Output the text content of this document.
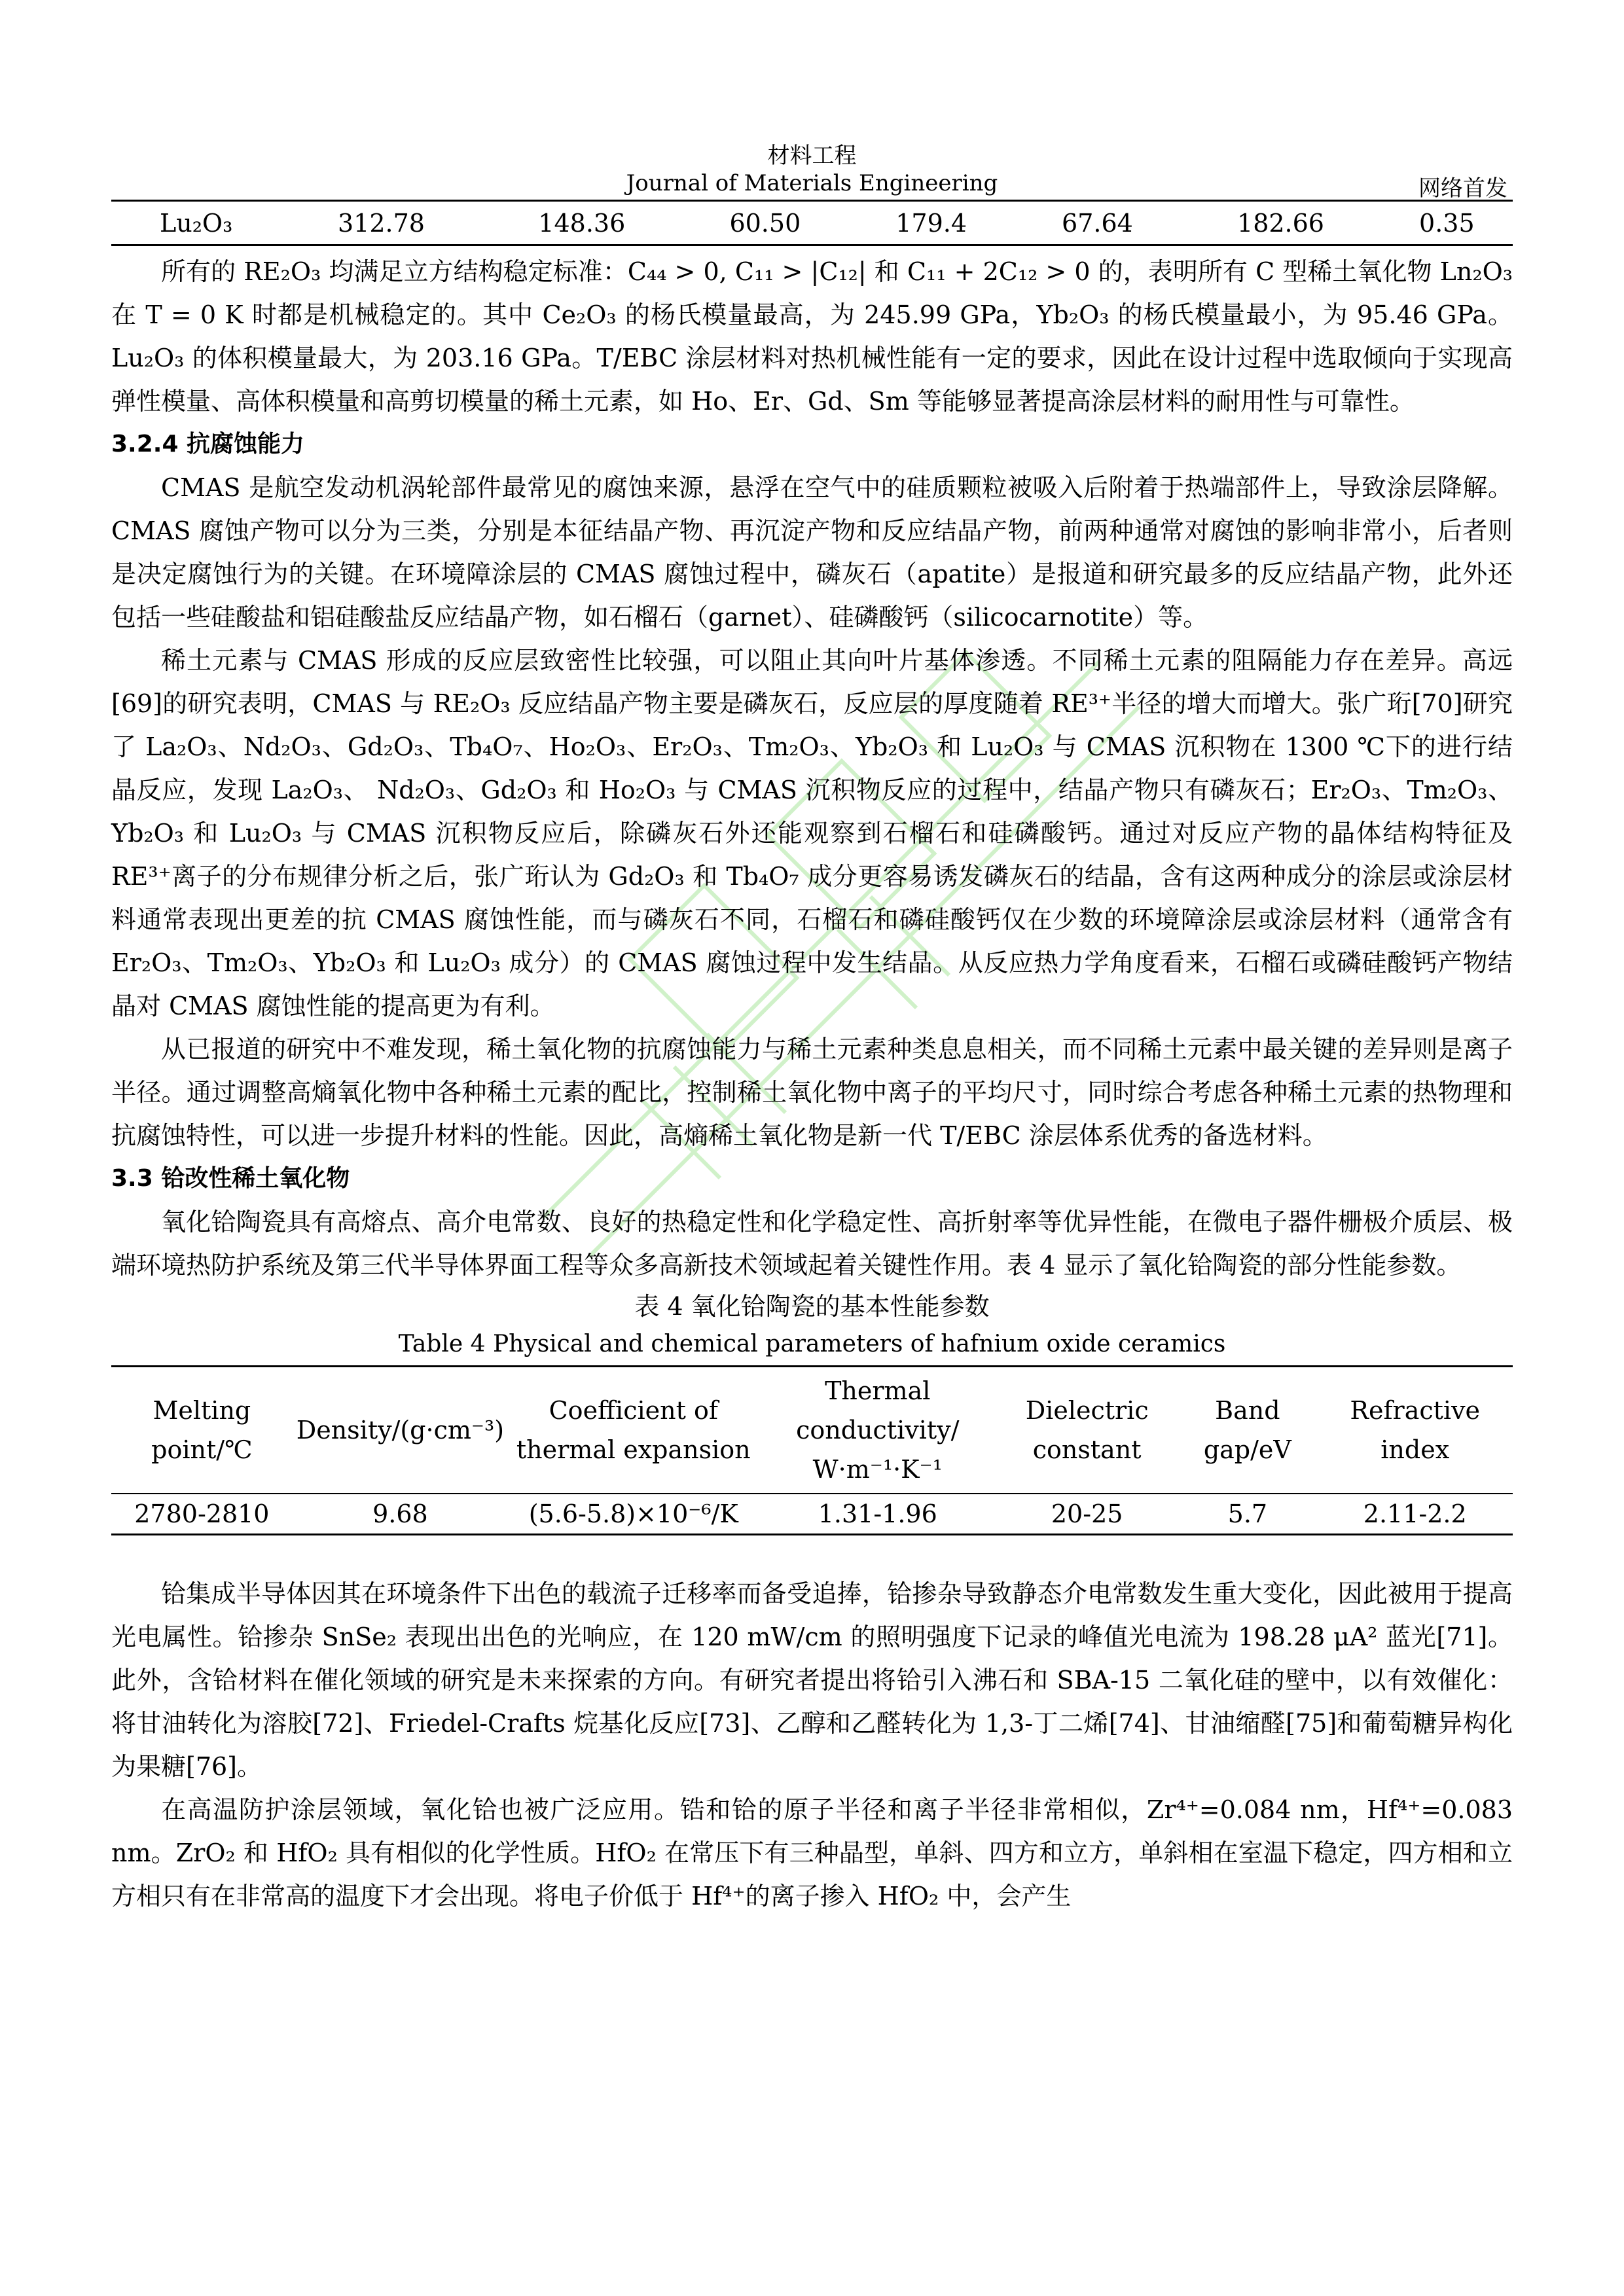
材料工程
Journal of Materials Engineering	网络首发
Lu₂O₃	312.78	148.36	60.50	179.4	67.64	182.66	0.35

所有的 RE₂O₃ 均满足立方结构稳定标准：C₄₄ > 0, C₁₁ > |C₁₂| 和 C₁₁ + 2C₁₂ > 0 的，表明所有 C 型稀土氧化物 Ln₂O₃ 在 T = 0 K 时都是机械稳定的。其中 Ce₂O₃ 的杨氏模量最高，为 245.99 GPa，Yb₂O₃ 的杨氏模量最小，为 95.46 GPa。Lu₂O₃ 的体积模量最大，为 203.16 GPa。T/EBC 涂层材料对热机械性能有一定的要求，因此在设计过程中选取倾向于实现高弹性模量、高体积模量和高剪切模量的稀土元素，如 Ho、Er、Gd、Sm 等能够显著提高涂层材料的耐用性与可靠性。

3.2.4 抗腐蚀能力

CMAS 是航空发动机涡轮部件最常见的腐蚀来源，悬浮在空气中的硅质颗粒被吸入后附着于热端部件上，导致涂层降解。CMAS 腐蚀产物可以分为三类，分别是本征结晶产物、再沉淀产物和反应结晶产物，前两种通常对腐蚀的影响非常小，后者则是决定腐蚀行为的关键。在环境障涂层的 CMAS 腐蚀过程中，磷灰石（apatite）是报道和研究最多的反应结晶产物，此外还包括一些硅酸盐和铝硅酸盐反应结晶产物，如石榴石（garnet）、硅磷酸钙（silicocarnotite）等。

稀土元素与 CMAS 形成的反应层致密性比较强，可以阻止其向叶片基体渗透。不同稀土元素的阻隔能力存在差异。高远[69]的研究表明，CMAS 与 RE₂O₃ 反应结晶产物主要是磷灰石，反应层的厚度随着 RE³⁺半径的增大而增大。张广珩[70]研究了 La₂O₃、Nd₂O₃、Gd₂O₃、Tb₄O₇、Ho₂O₃、Er₂O₃、Tm₂O₃、Yb₂O₃ 和 Lu₂O₃ 与 CMAS 沉积物在 1300 ℃下的进行结晶反应，发现 La₂O₃、 Nd₂O₃、Gd₂O₃ 和 Ho₂O₃ 与 CMAS 沉积物反应的过程中，结晶产物只有磷灰石；Er₂O₃、Tm₂O₃、Yb₂O₃ 和 Lu₂O₃ 与 CMAS 沉积物反应后，除磷灰石外还能观察到石榴石和硅磷酸钙。通过对反应产物的晶体结构特征及 RE³⁺离子的分布规律分析之后，张广珩认为 Gd₂O₃ 和 Tb₄O₇ 成分更容易诱发磷灰石的结晶，含有这两种成分的涂层或涂层材料通常表现出更差的抗 CMAS 腐蚀性能，而与磷灰石不同，石榴石和磷硅酸钙仅在少数的环境障涂层或涂层材料（通常含有 Er₂O₃、Tm₂O₃、Yb₂O₃ 和 Lu₂O₃ 成分）的 CMAS 腐蚀过程中发生结晶。从反应热力学角度看来，石榴石或磷硅酸钙产物结晶对 CMAS 腐蚀性能的提高更为有利。

从已报道的研究中不难发现，稀土氧化物的抗腐蚀能力与稀土元素种类息息相关，而不同稀土元素中最关键的差异则是离子半径。通过调整高熵氧化物中各种稀土元素的配比，控制稀土氧化物中离子的平均尺寸，同时综合考虑各种稀土元素的热物理和抗腐蚀特性，可以进一步提升材料的性能。因此，高熵稀土氧化物是新一代 T/EBC 涂层体系优秀的备选材料。

3.3 铪改性稀土氧化物

氧化铪陶瓷具有高熔点、高介电常数、良好的热稳定性和化学稳定性、高折射率等优异性能，在微电子器件栅极介质层、极端环境热防护系统及第三代半导体界面工程等众多高新技术领域起着关键性作用。表 4 显示了氧化铪陶瓷的部分性能参数。

表 4 氧化铪陶瓷的基本性能参数
Table 4 Physical and chemical parameters of hafnium oxide ceramics
Melting point/℃	Density/(g·cm⁻³)	Coefficient of thermal expansion	Thermal conductivity/ W·m⁻¹·K⁻¹	Dielectric constant	Band gap/eV	Refractive index
2780-2810	9.68	(5.6-5.8)×10⁻⁶/K	1.31-1.96	20-25	5.7	2.11-2.2

铪集成半导体因其在环境条件下出色的载流子迁移率而备受追捧，铪掺杂导致静态介电常数发生重大变化，因此被用于提高光电属性。铪掺杂 SnSe₂ 表现出出色的光响应，在 120 mW/cm 的照明强度下记录的峰值光电流为 198.28 μA² 蓝光[71]。此外，含铪材料在催化领域的研究是未来探索的方向。有研究者提出将铪引入沸石和 SBA-15 二氧化硅的壁中，以有效催化：将甘油转化为溶胶[72]、Friedel-Crafts 烷基化反应[73]、乙醇和乙醛转化为 1,3-丁二烯[74]、甘油缩醛[75]和葡萄糖异构化为果糖[76]。

在高温防护涂层领域，氧化铪也被广泛应用。锆和铪的原子半径和离子半径非常相似，Zr⁴⁺=0.084 nm，Hf⁴⁺=0.083 nm。ZrO₂ 和 HfO₂ 具有相似的化学性质。HfO₂ 在常压下有三种晶型，单斜、四方和立方，单斜相在室温下稳定，四方相和立方相只有在非常高的温度下才会出现。将电子价低于 Hf⁴⁺的离子掺入 HfO₂ 中，会产生
